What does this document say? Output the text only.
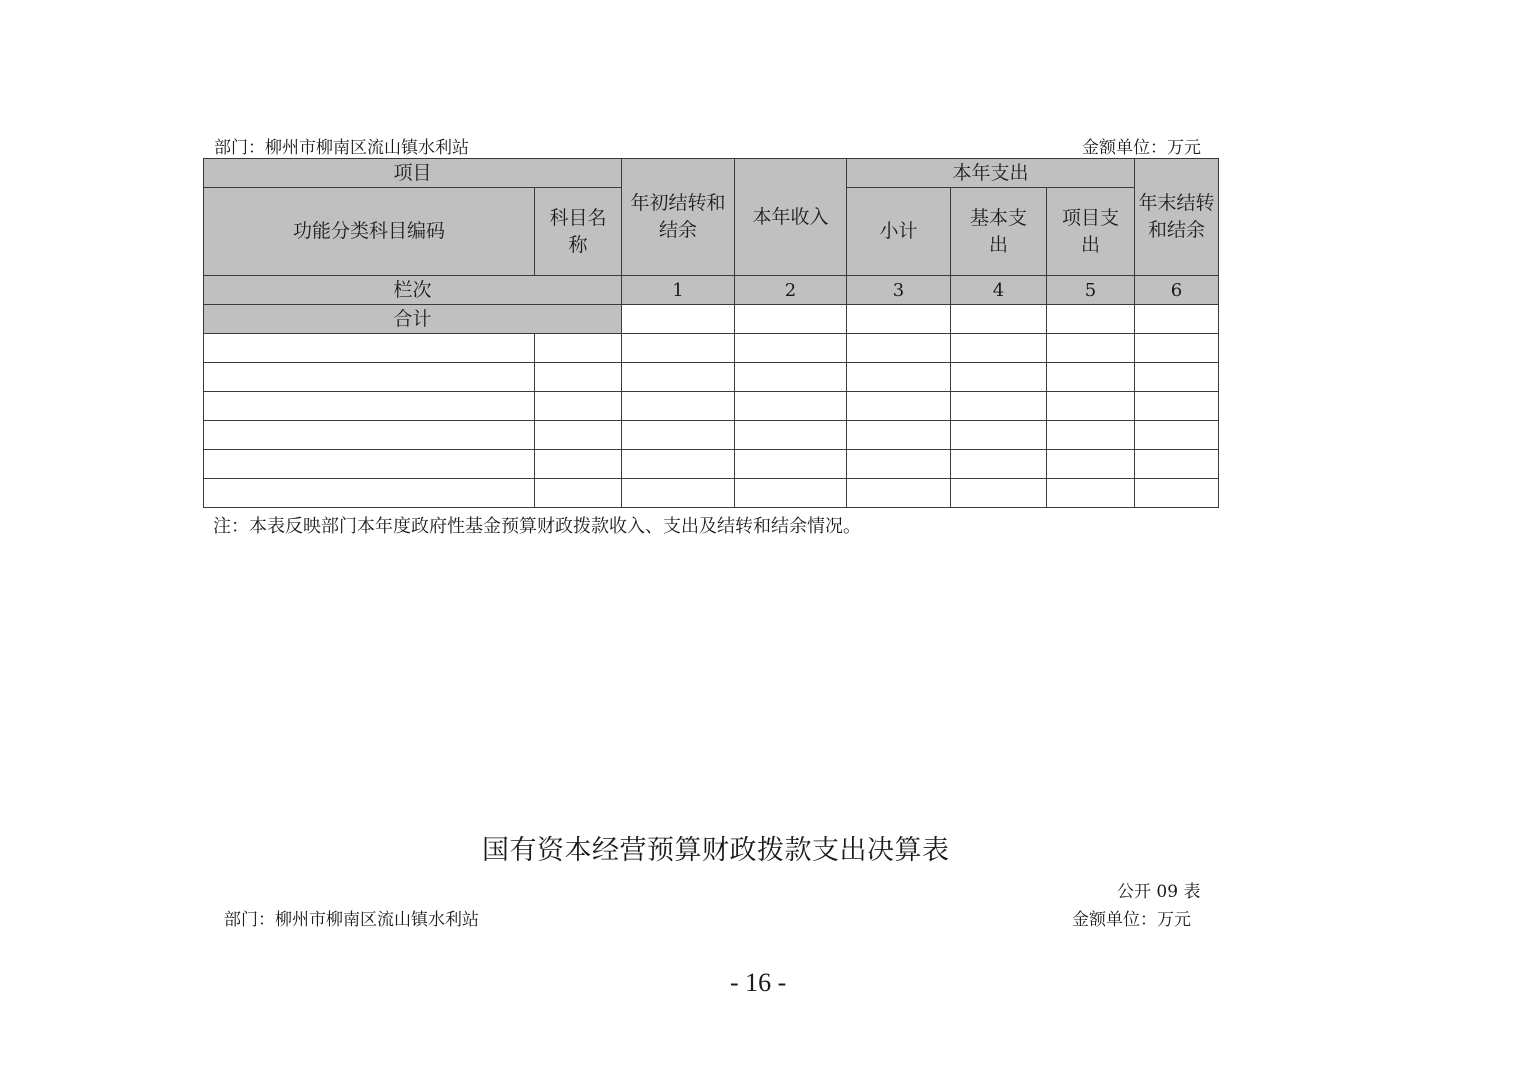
部门：柳州市柳南区流山镇水利站	金额单位：万元
项目		年初结转和结余	本年收入	本年支出			年末结转和结余

功能分类科目编码	科目名称			小计	基本支出	项目支出	

栏次		1	2	3	4	5	6
合计							

注：本表反映部门本年度政府性基金预算财政拨款收入、支出及结转和结余情况。
国有资本经营预算财政拨款支出决算表
公开 09 表
部门：柳州市柳南区流山镇水利站	金额单位：万元
- 16 -
